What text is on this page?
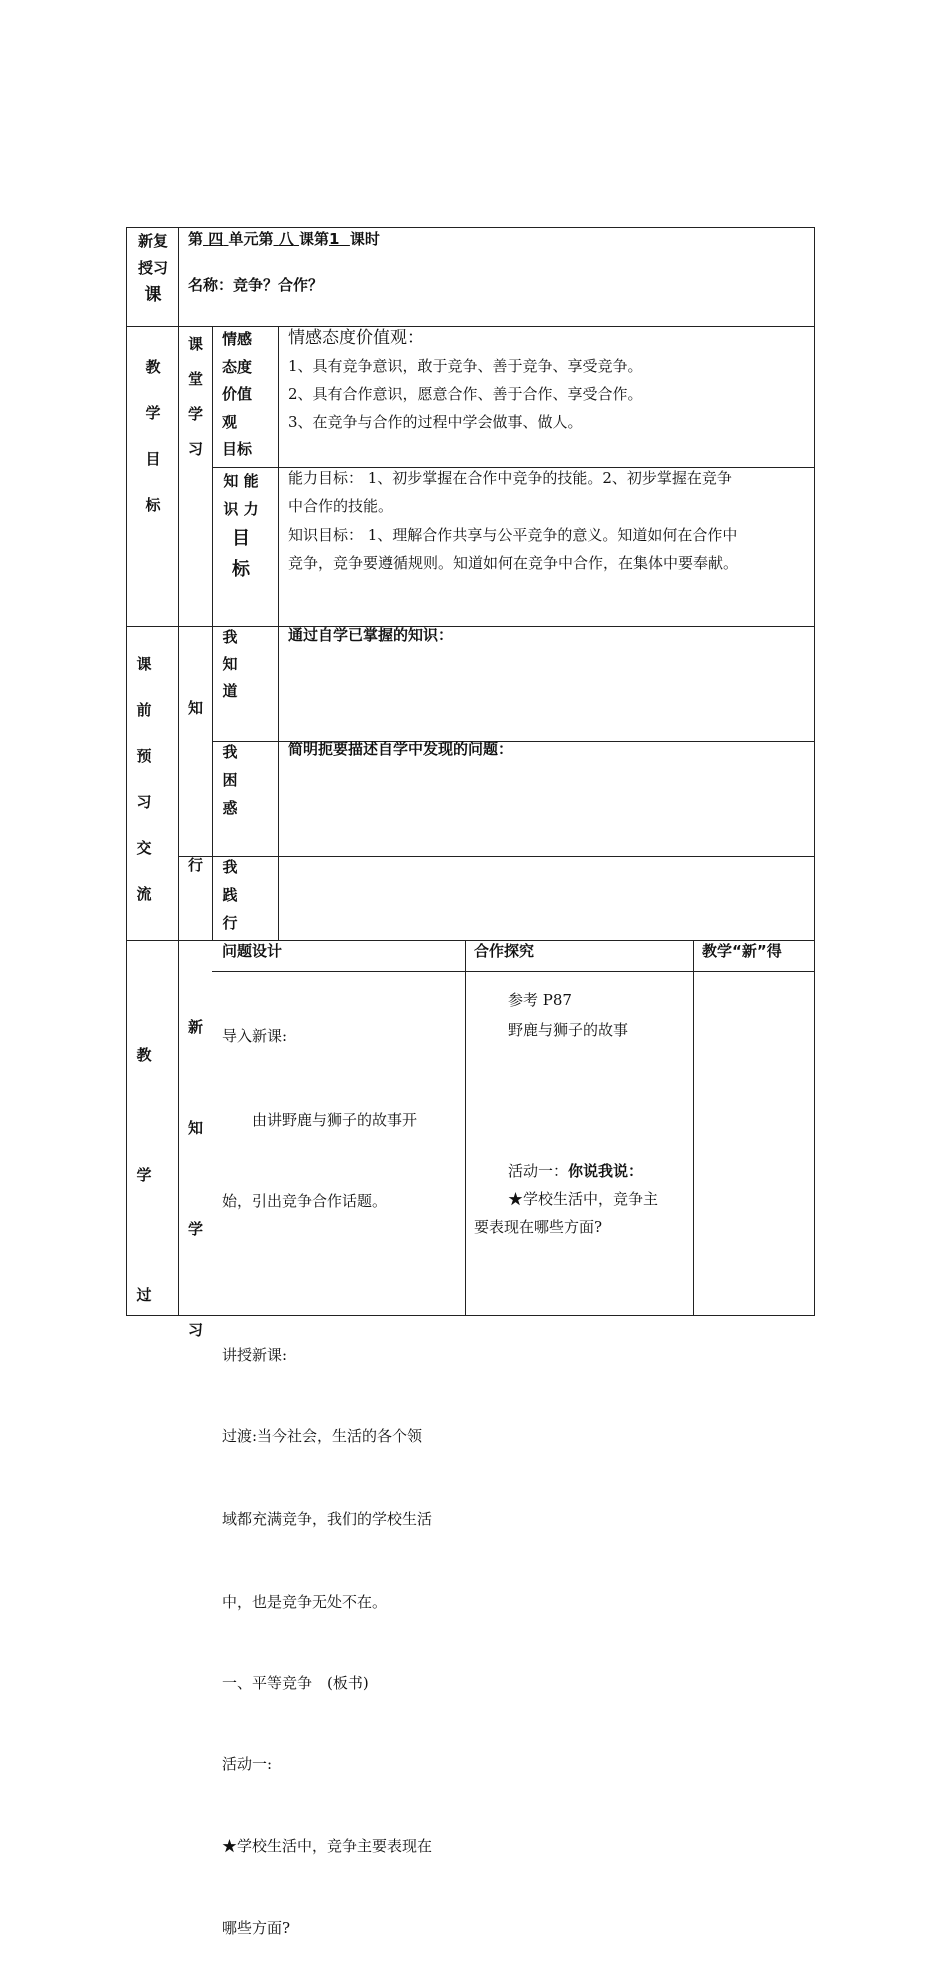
新复
授习
课
第 四 单元第 八 课第1 课时
名称：竞争？合作？
教
学
目
标
课
堂
学
习
情感
态度
价值
观
目标
情感态度价值观：
1、具有竞争意识，敢于竞争、善于竞争、享受竞争。
2、具有合作意识，愿意合作、善于合作、享受合作。
3、在竞争与合作的过程中学会做事、做人。
知 能
识 力
目
标
能力目标： 1、初步掌握在合作中竞争的技能。2、初步掌握在竞争
中合作的技能。
知识目标： 1、理解合作共享与公平竞争的意义。知道如何在合作中
竞争，竞争要遵循规则。知道如何在竞争中合作，在集体中要奉献。
课
前
预
习
交
流
知
行
我
知
道
通过自学已掌握的知识：
我
困
惑
简明扼要描述自学中发现的问题：
我
践
行
教
学
过
新
知
学
习
问题设计	合作探究	教学“新”得

导入新课:

　　由讲野鹿与狮子的故事开

始，引出竞争合作话题。

讲授新课:

过渡:当今社会，生活的各个领

域都充满竞争，我们的学校生活

中，也是竞争无处不在。

一、平等竞争　(板书)

活动一:

★学校生活中，竞争主要表现在

哪些方面?

参考 P87
野鹿与狮子的故事
活动一：你说我说：
★学校生活中，竞争主
要表现在哪些方面?
